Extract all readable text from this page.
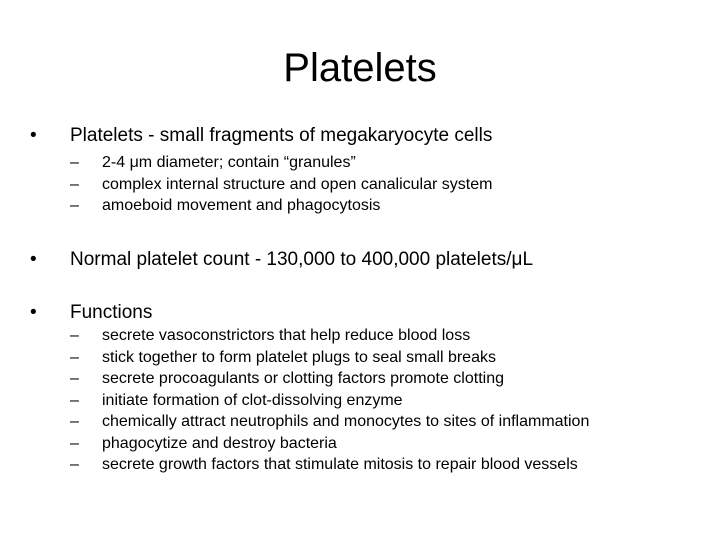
Platelets
• Platelets - small fragments of megakaryocyte cells
– 2-4 μm diameter; contain “granules”
– complex internal structure and open canalicular system
– amoeboid movement and phagocytosis
• Normal platelet count - 130,000 to 400,000 platelets/μL
• Functions
– secrete vasoconstrictors that help reduce blood loss
– stick together to form platelet plugs to seal small breaks
– secrete procoagulants or clotting factors promote clotting
– initiate formation of clot-dissolving enzyme
– chemically attract neutrophils and monocytes to sites of inflammation
– phagocytize and destroy bacteria
– secrete growth factors that stimulate mitosis to repair blood vessels
